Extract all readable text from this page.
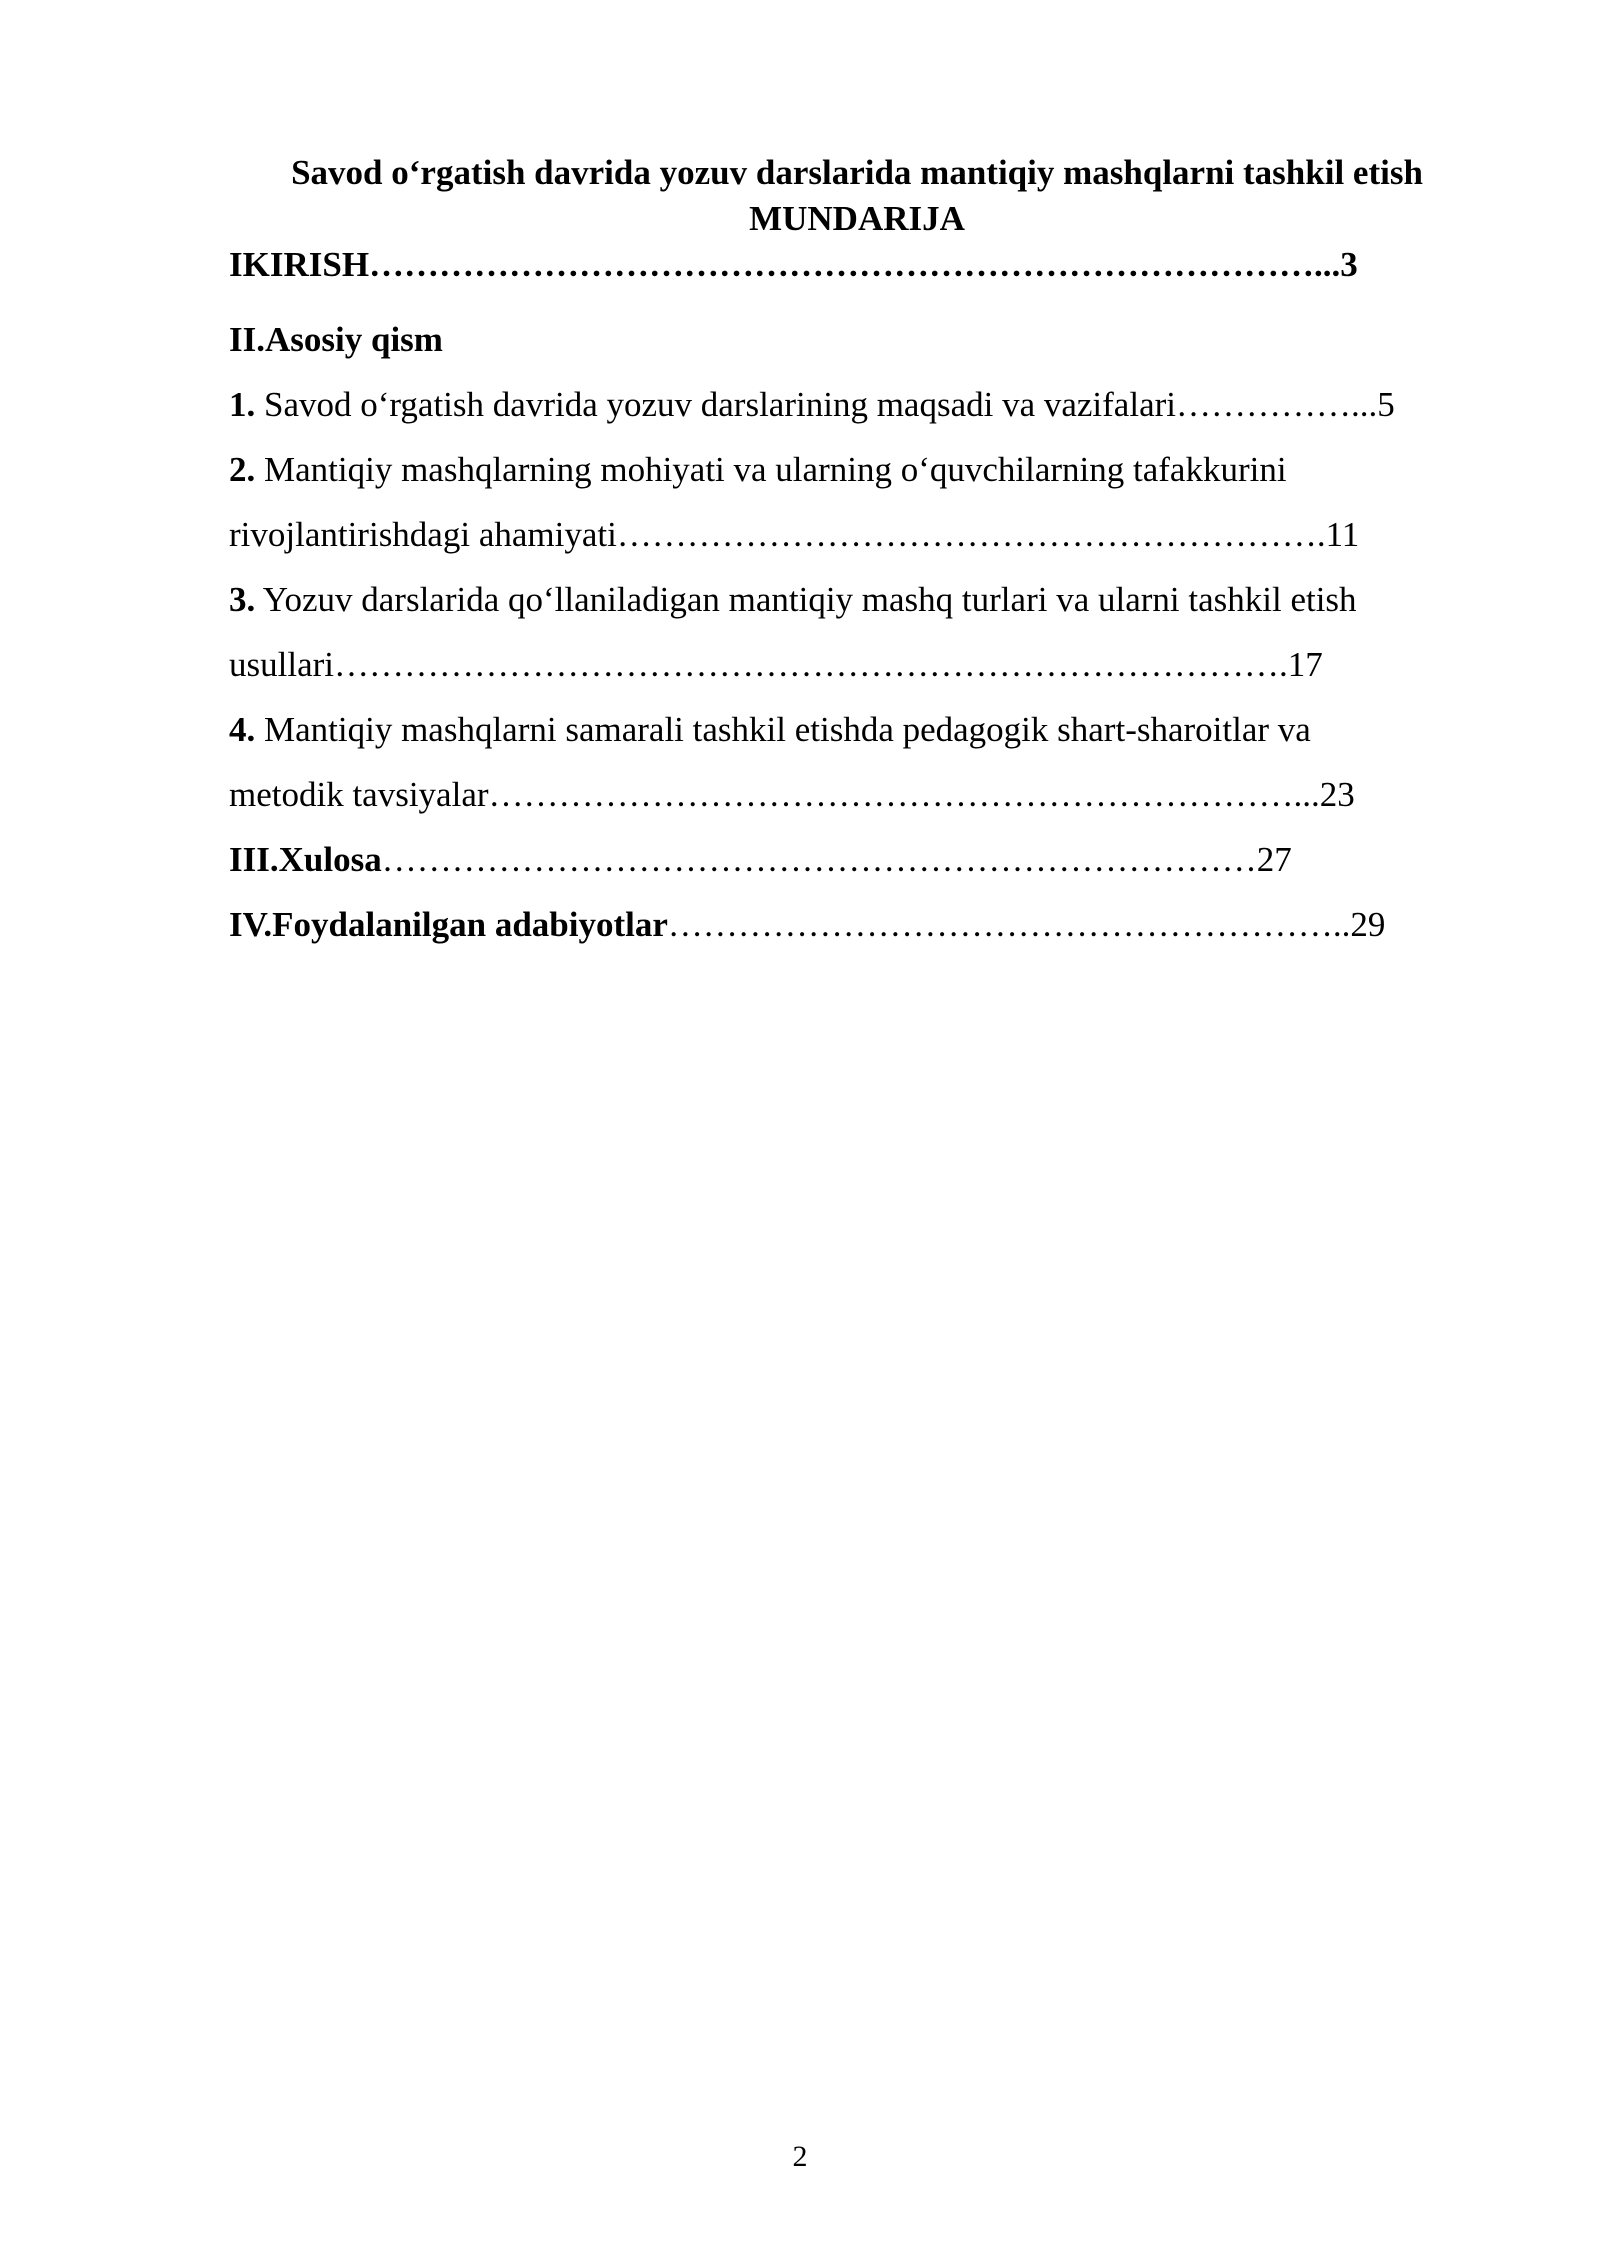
Savod o‘rgatish davrida yozuv darslarida mantiqiy mashqlarni tashkil etish
MUNDARIJA
IKIRISH………………………………………………………………………...3
II.Asosiy qism
1. Savod o‘rgatish davrida yozuv darslarining maqsadi va vazifalari……………...5
2. Mantiqiy mashqlarning mohiyati va ularning o‘quvchilarning tafakkurini
rivojlantirishdagi ahamiyati…………………………………………………….11
3. Yozuv darslarida qo‘llaniladigan mantiqiy mashq turlari va ularni tashkil etish
usullari……………………………………………………………………….17
4. Mantiqiy mashqlarni samarali tashkil etishda pedagogik shart-sharoitlar va
metodik tavsiyalar……………………………………………………………...23
III.Xulosa…………………………………………………………………27
IV.Foydalanilgan adabiyotlar…………………………………………………..29
2
